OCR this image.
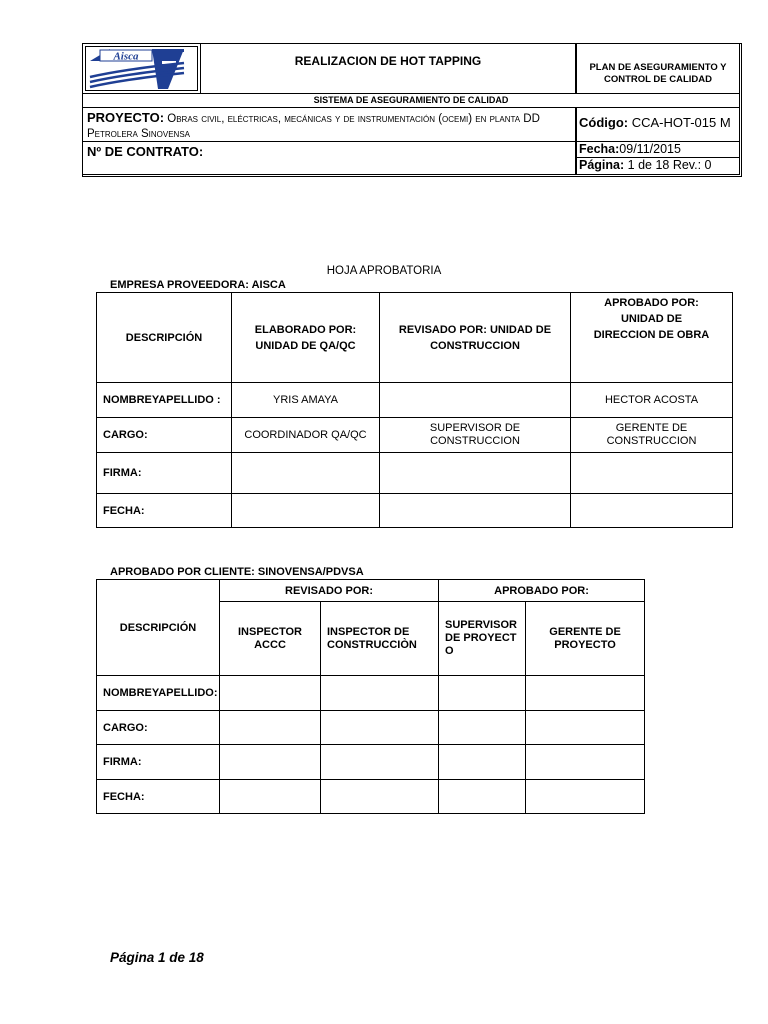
Aisca	REALIZACION DE HOT TAPPING	PLAN DE ASEGURAMIENTO Y CONTROL DE CALIDAD
SISTEMA DE ASEGURAMIENTO DE CALIDAD
PROYECTO: Obras civil, eléctricas, mecánicas y de instrumentación (ocemi) en planta DD Petrolera Sinovensa
Código: CCA-HOT-015 M
Nº DE CONTRATO:	Fecha:09/11/2015
Página: 1 de 18 Rev.: 0
HOJA APROBATORIA
EMPRESA PROVEEDORA: AISCA
DESCRIPCIÓN	ELABORADO POR: UNIDAD DE QA/QC	REVISADO POR: UNIDAD DE CONSTRUCCION	APROBADO POR: UNIDAD DE DIRECCION DE OBRA
NOMBREYAPELLIDO :	YRIS AMAYA		HECTOR ACOSTA
CARGO:	COORDINADOR QA/QC	SUPERVISOR DE CONSTRUCCION	GERENTE DE CONSTRUCCION
FIRMA:			
FECHA:			
APROBADO POR CLIENTE: SINOVENSA/PDVSA
DESCRIPCIÓN	REVISADO POR:		APROBADO POR:	
	INSPECTOR ACCC	INSPECTOR DE CONSTRUCCIÒN	SUPERVISOR DE PROYECTO	GERENTE DE PROYECTO
NOMBREYAPELLIDO:				
CARGO:				
FIRMA:				
FECHA:				
Página 1 de 18
